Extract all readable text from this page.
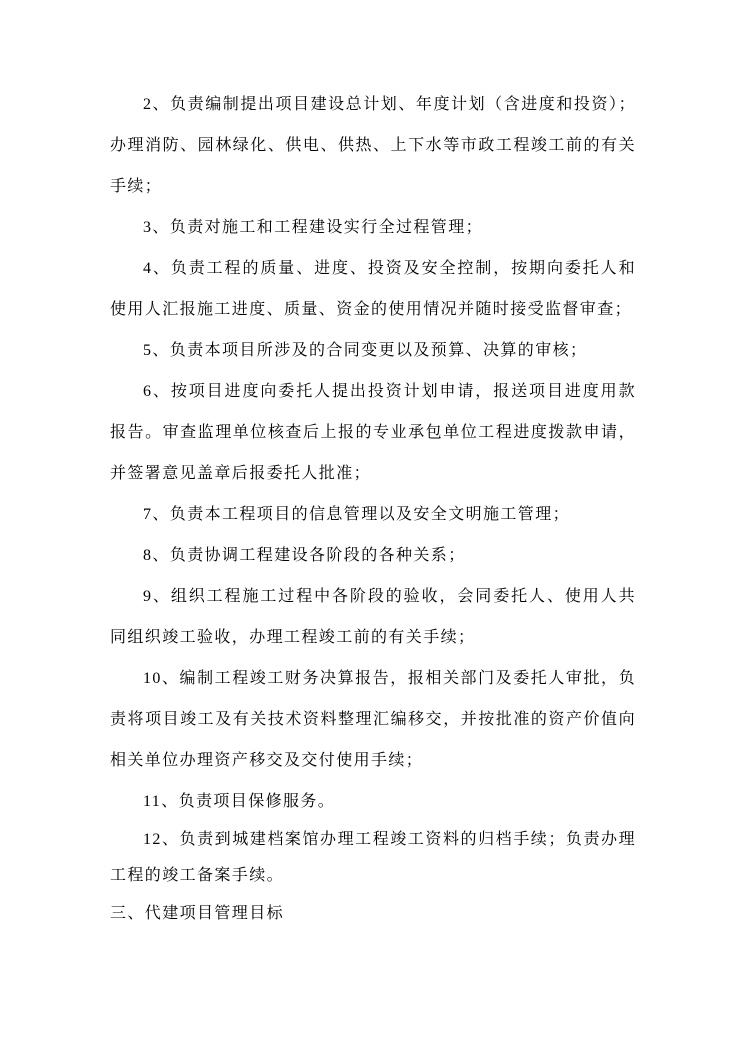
2、负责编制提出项目建设总计划、年度计划（含进度和投资）；办理消防、园林绿化、供电、供热、上下水等市政工程竣工前的有关手续；

3、负责对施工和工程建设实行全过程管理；

4、负责工程的质量、进度、投资及安全控制，按期向委托人和使用人汇报施工进度、质量、资金的使用情况并随时接受监督审查；

5、负责本项目所涉及的合同变更以及预算、决算的审核；

6、按项目进度向委托人提出投资计划申请，报送项目进度用款报告。审查监理单位核查后上报的专业承包单位工程进度拨款申请，并签署意见盖章后报委托人批准；

7、负责本工程项目的信息管理以及安全文明施工管理；

8、负责协调工程建设各阶段的各种关系；

9、组织工程施工过程中各阶段的验收，会同委托人、使用人共同组织竣工验收，办理工程竣工前的有关手续；

10、编制工程竣工财务决算报告，报相关部门及委托人审批，负责将项目竣工及有关技术资料整理汇编移交，并按批准的资产价值向相关单位办理资产移交及交付使用手续；

11、负责项目保修服务。

12、负责到城建档案馆办理工程竣工资料的归档手续；负责办理工程的竣工备案手续。

三、代建项目管理目标
